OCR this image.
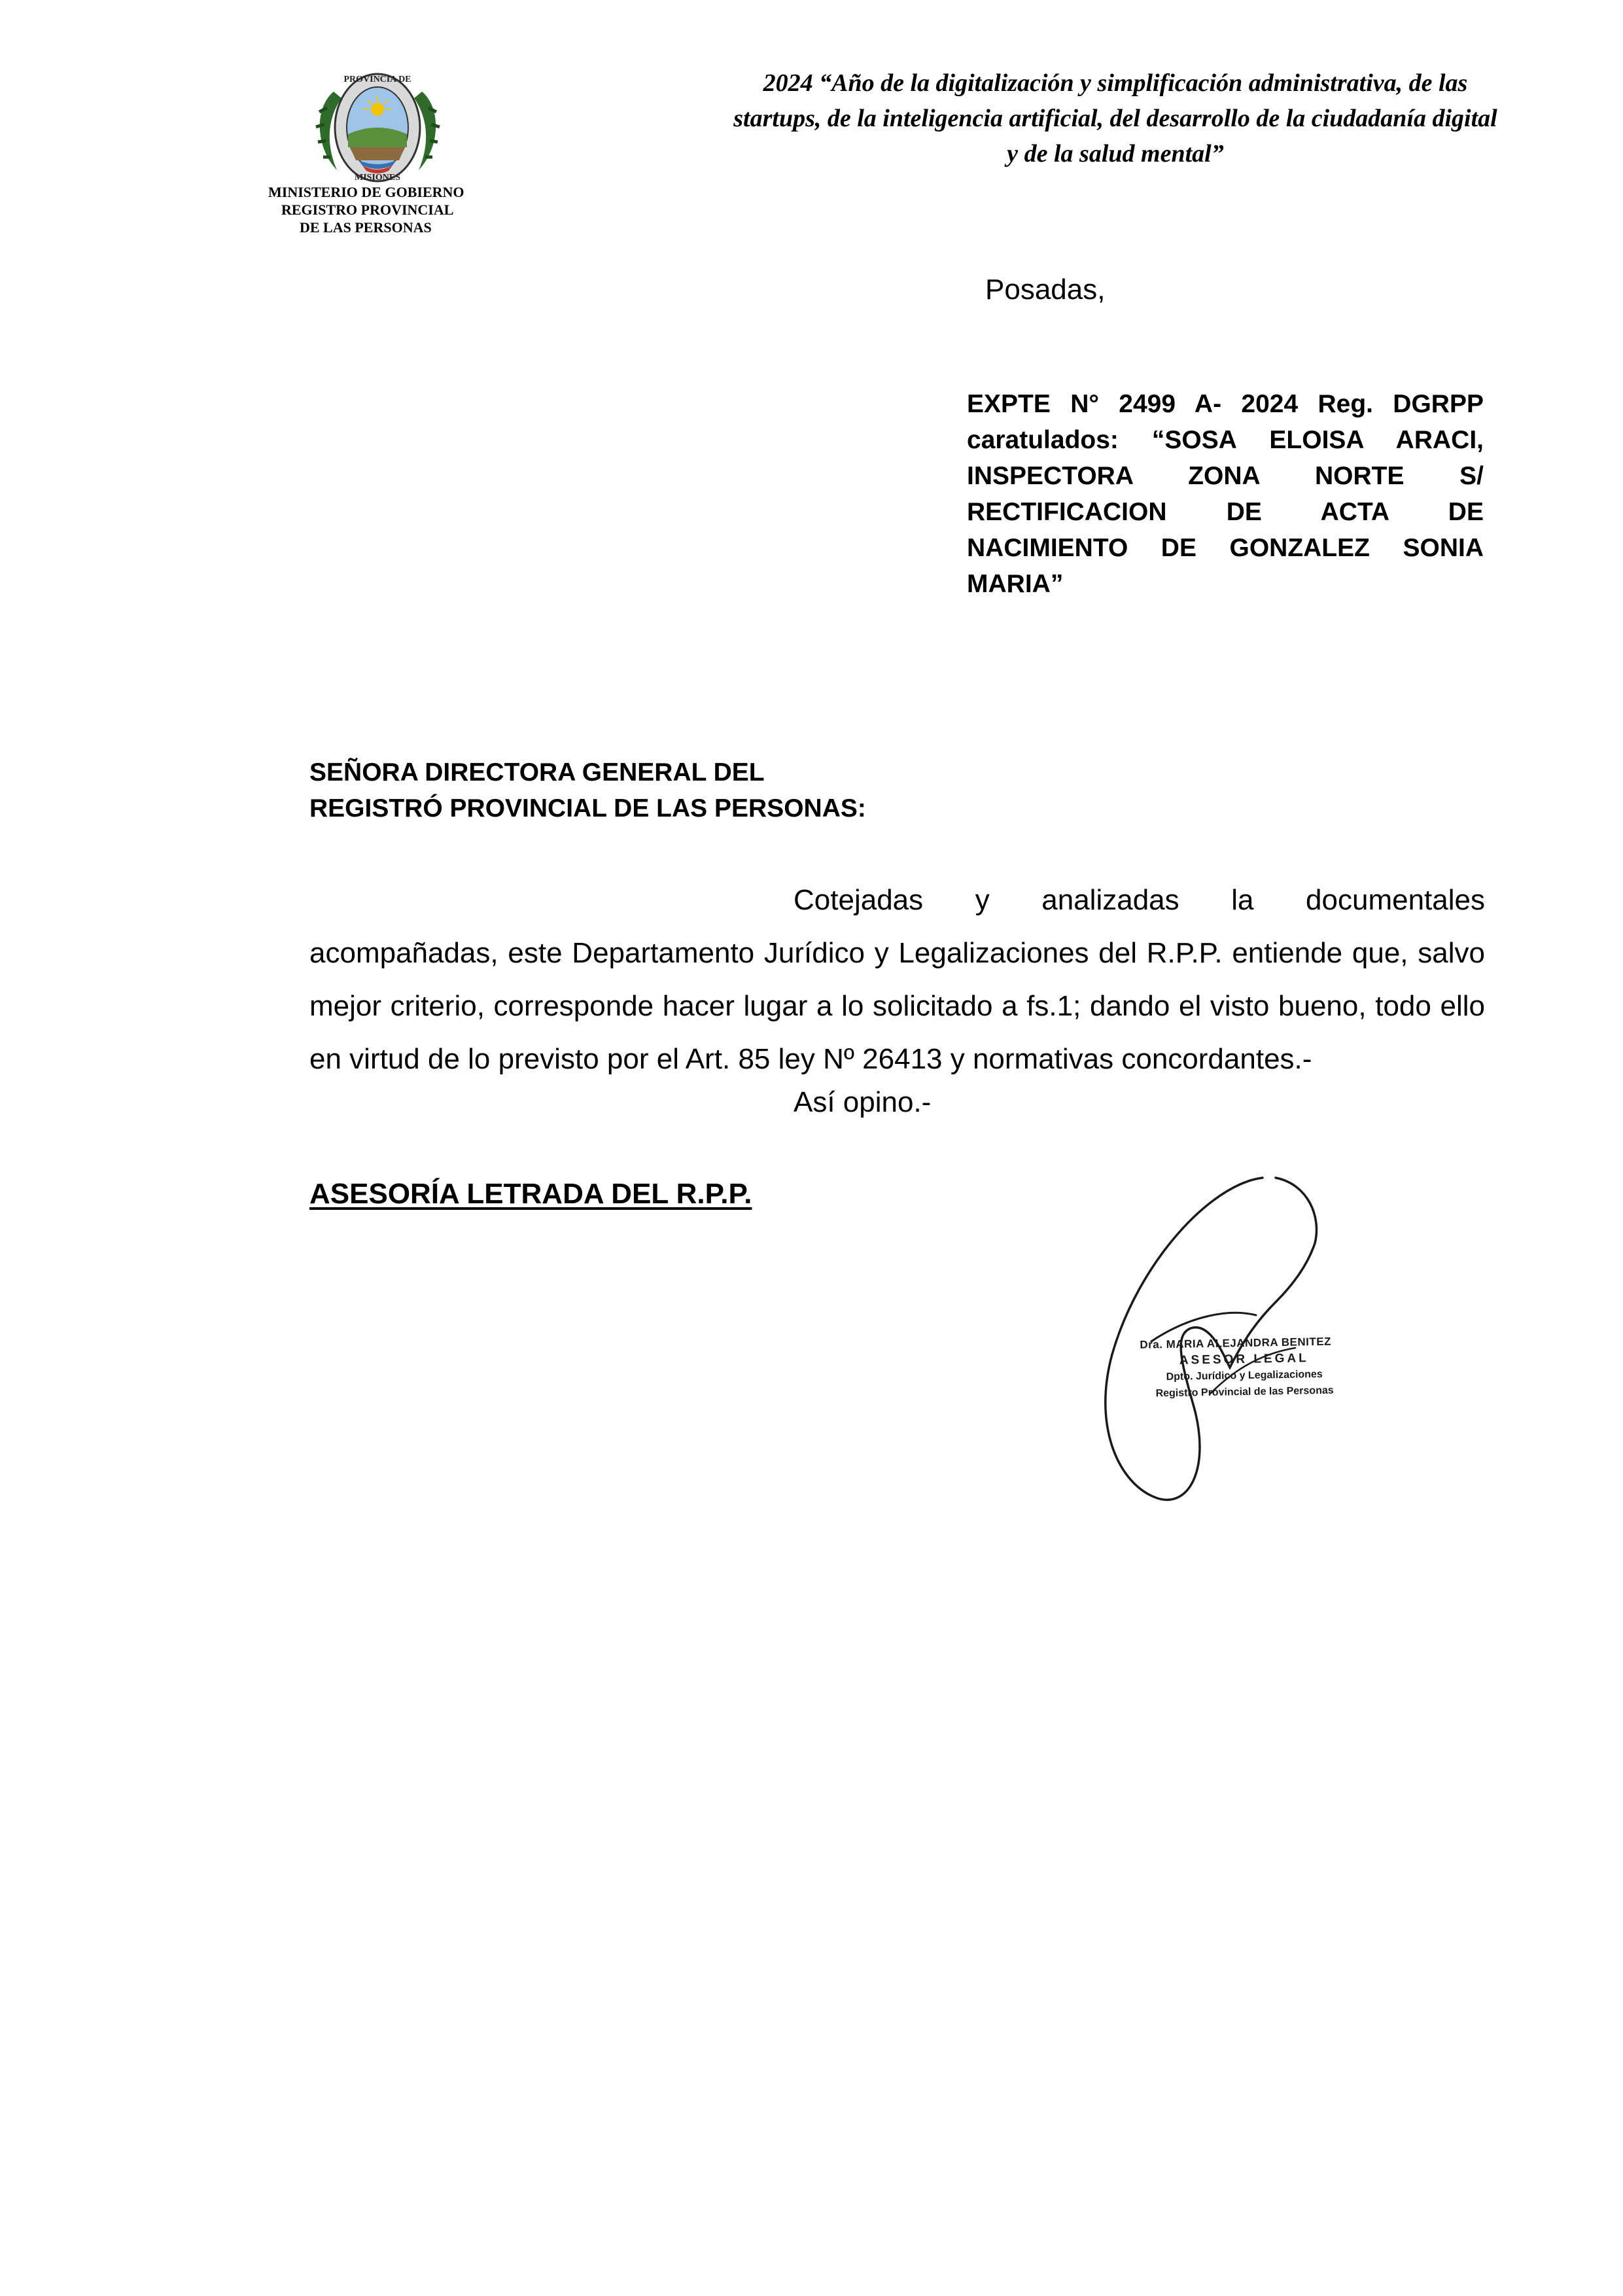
PROVINCIA DE
MISIONES
MINISTERIO DE GOBIERNO
REGISTRO PROVINCIAL
DE LAS PERSONAS
2024 “Año de la digitalización y simplificación administrativa, de las
startups, de la inteligencia artificial, del desarrollo de la ciudadanía digital
y de la salud mental”
Posadas,
EXPTE N° 2499 A- 2024 Reg. DGRPP caratulados: “SOSA ELOISA ARACI, INSPECTORA ZONA NORTE S/ RECTIFICACION DE ACTA DE NACIMIENTO DE GONZALEZ SONIA MARIA”
SEÑORA DIRECTORA GENERAL DEL
REGISTRÓ PROVINCIAL DE LAS PERSONAS:

Cotejadas y analizadas la documentales acompañadas, este Departamento Jurídico y Legalizaciones del R.P.P. entiende que, salvo mejor criterio, corresponde hacer lugar a lo solicitado a fs.1; dando el visto bueno, todo ello en virtud de lo previsto por el Art. 85 ley Nº 26413 y normativas concordantes.-

Así opino.-
ASESORÍA LETRADA DEL R.P.P.
Dra. MARIA ALEJANDRA BENITEZ
ASESOR LEGAL
Dpto. Jurídico y Legalizaciones
Registro Provincial de las Personas
